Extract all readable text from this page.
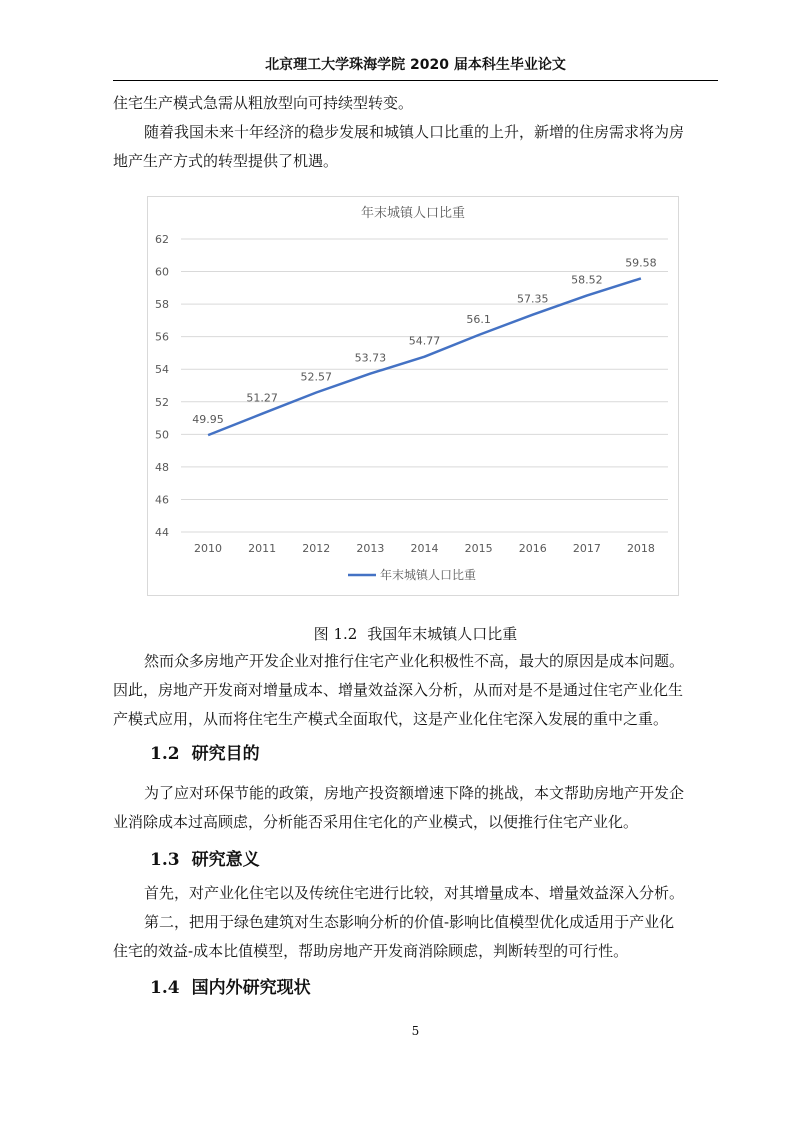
北京理工大学珠海学院 2020 届本科生毕业论文
住宅生产模式急需从粗放型向可持续型转变。
随着我国未来十年经济的稳步发展和城镇人口比重的上升，新增的住房需求将为房
地产生产方式的转型提供了机遇。
年末城镇人口比重
44
46
48
50
52
54
56
58
60
62
2010 2011 2012 2013 2014 2015 2016 2017 2018
49.95
51.27
52.57
53.73
54.77
56.1
57.35
58.52
59.58
年末城镇人口比重
图 1.2 我国年末城镇人口比重
然而众多房地产开发企业对推行住宅产业化积极性不高，最大的原因是成本问题。
因此，房地产开发商对增量成本、增量效益深入分析，从而对是不是通过住宅产业化生
产模式应用，从而将住宅生产模式全面取代，这是产业化住宅深入发展的重中之重。
1.2 研究目的
为了应对环保节能的政策，房地产投资额增速下降的挑战，本文帮助房地产开发企
业消除成本过高顾虑，分析能否采用住宅化的产业模式，以便推行住宅产业化。
1.3 研究意义
首先，对产业化住宅以及传统住宅进行比较，对其增量成本、增量效益深入分析。
第二，把用于绿色建筑对生态影响分析的价值-影响比值模型优化成适用于产业化
住宅的效益-成本比值模型，帮助房地产开发商消除顾虑，判断转型的可行性。
1.4 国内外研究现状
5
